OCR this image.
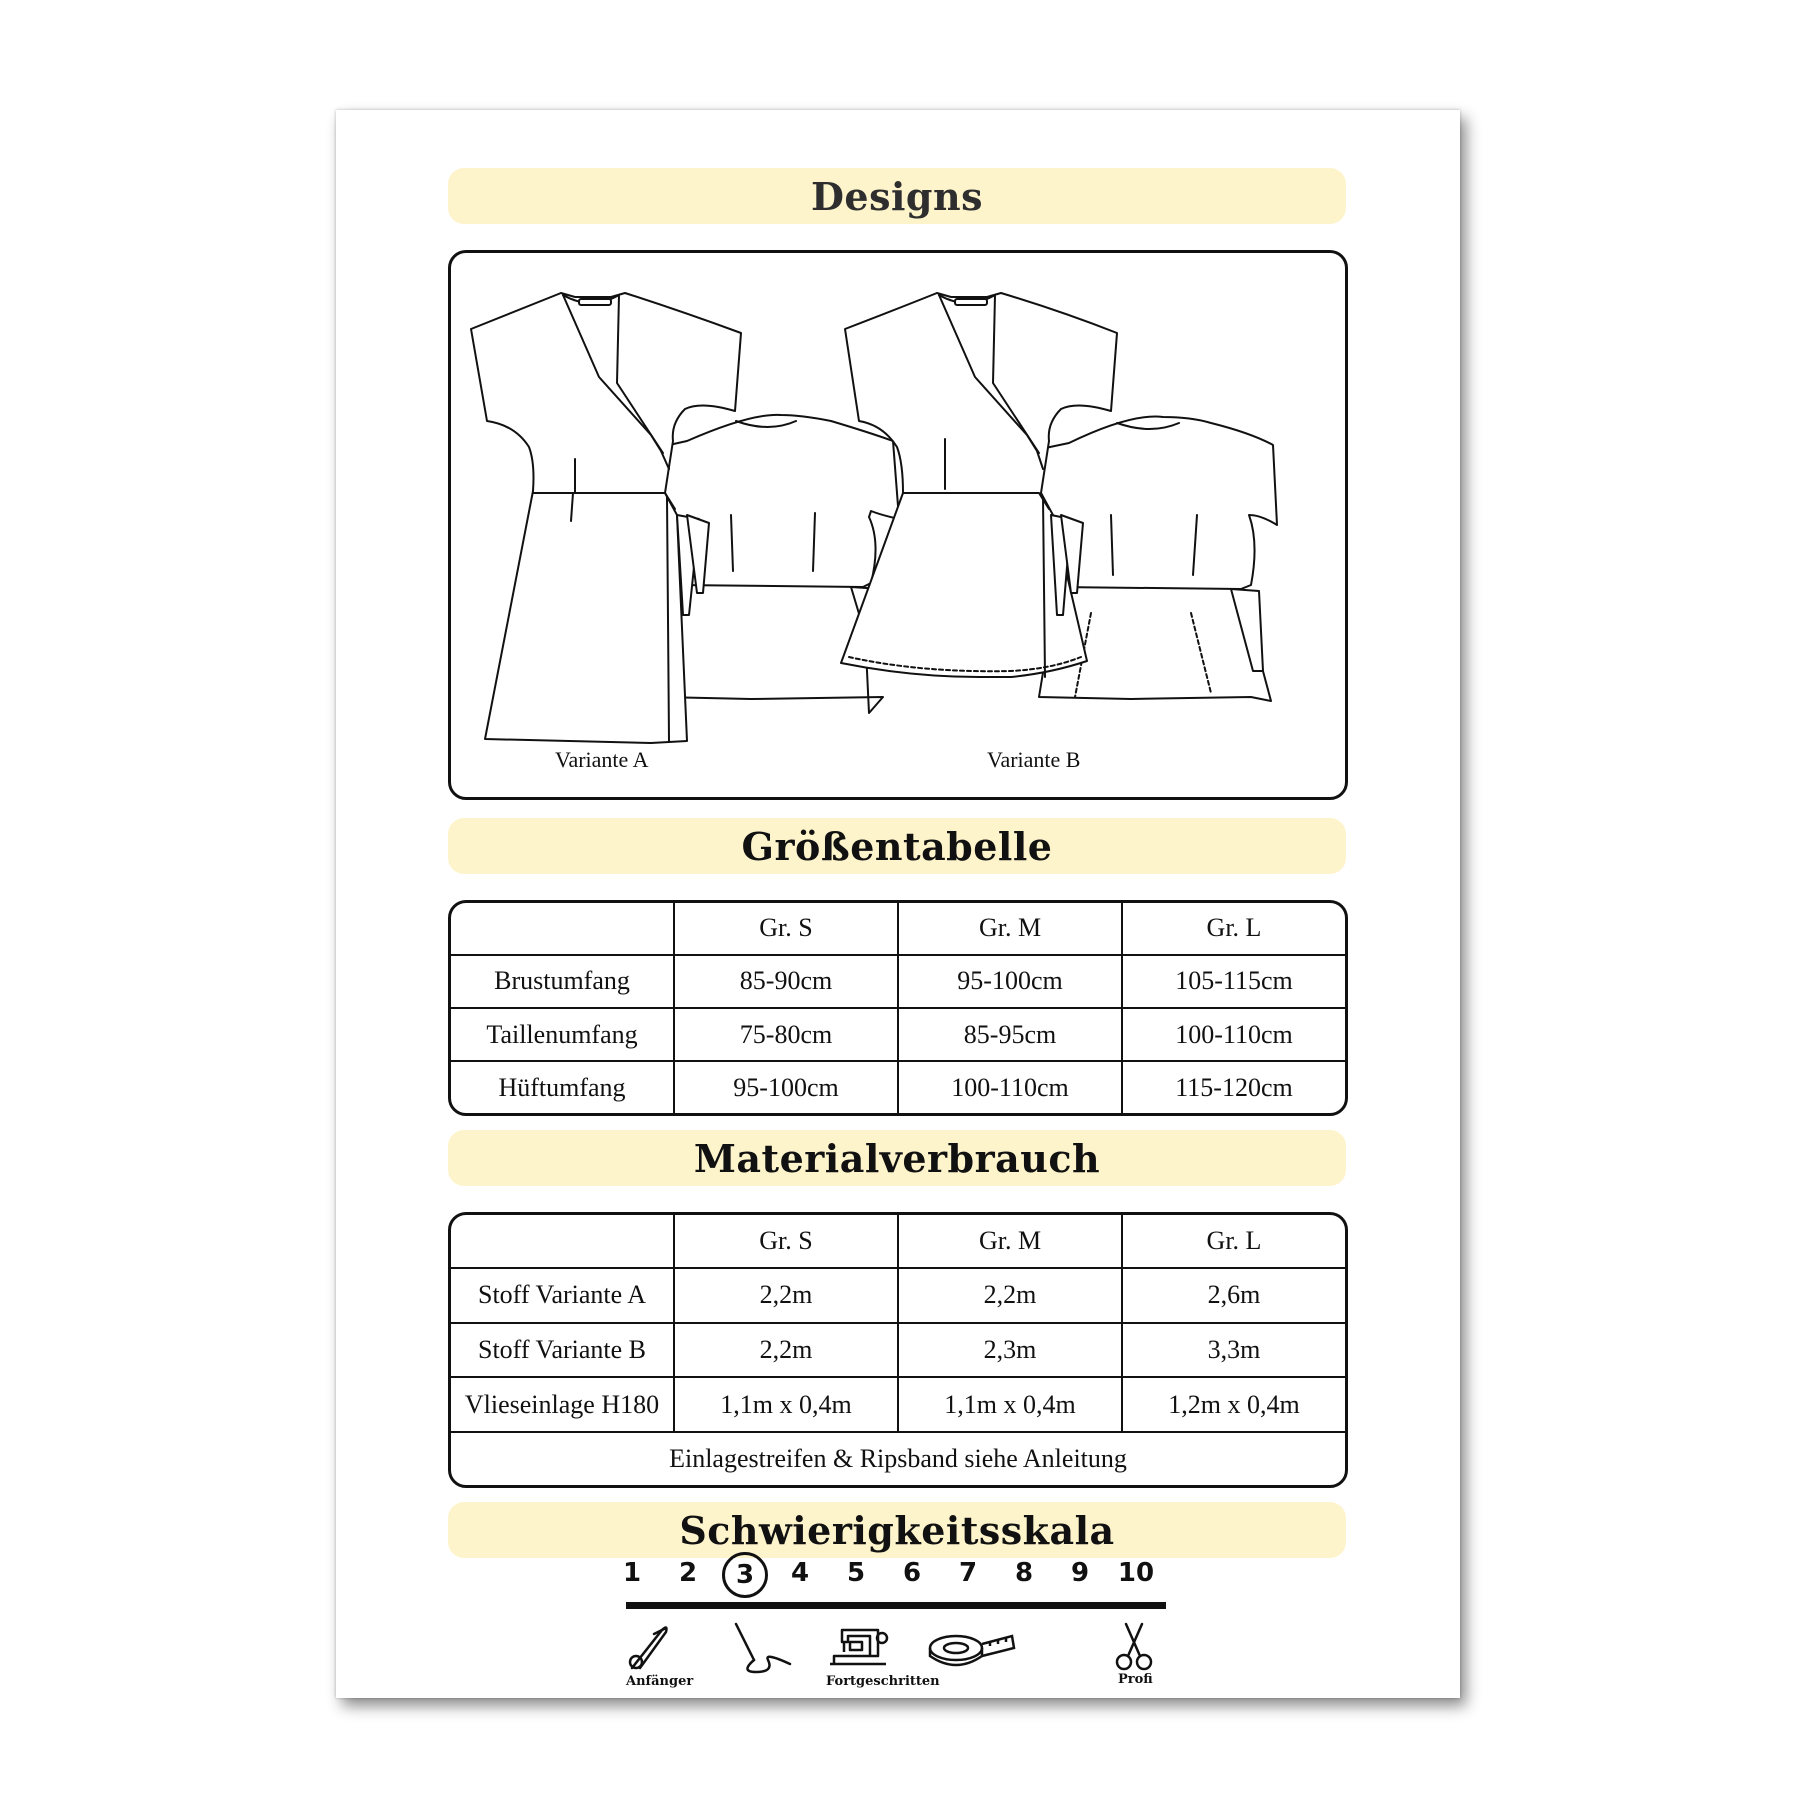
Designs
Variante A	Variante B
Größentabelle
	Gr. S	Gr. M	Gr. L
Brustumfang	85-90cm	95-100cm	105-115cm
Taillenumfang	75-80cm	85-95cm	100-110cm
Hüftumfang	95-100cm	100-110cm	115-120cm
Materialverbrauch
	Gr. S	Gr. M	Gr. L
Stoff Variante A	2,2m	2,2m	2,6m
Stoff Variante B	2,2m	2,3m	3,3m
Vlieseinlage H180	1,1m x 0,4m	1,1m x 0,4m	1,2m x 0,4m
Einlagestreifen & Ripsband siehe Anleitung			
Schwierigkeitsskala
1	2	3	4	5	6	7	8	9	10
Anfänger	Fortgeschritten	Profi
